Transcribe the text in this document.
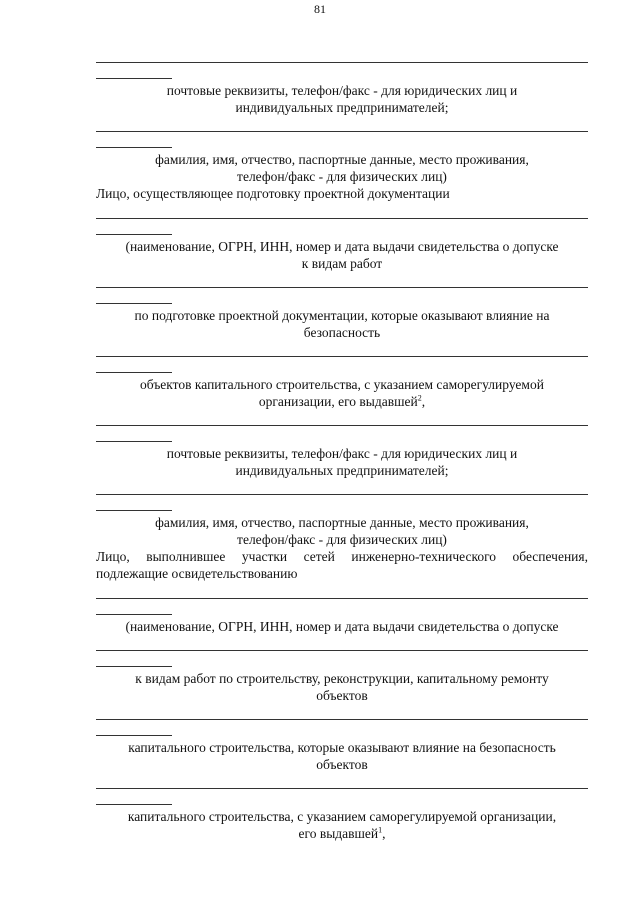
81
почтовые реквизиты, телефон/факс - для юридических лиц и
индивидуальных предпринимателей;
фамилия, имя, отчество, паспортные данные, место проживания,
телефон/факс - для физических лиц)
Лицо, осуществляющее подготовку проектной документации
(наименование, ОГРН, ИНН, номер и дата выдачи свидетельства о допуске
к видам работ
по подготовке проектной документации, которые оказывают влияние на
безопасность
объектов капитального строительства, с указанием саморегулируемой
организации, его выдавшей$^2$,
почтовые реквизиты, телефон/факс - для юридических лиц и
индивидуальных предпринимателей;
фамилия, имя, отчество, паспортные данные, место проживания,
телефон/факс - для физических лиц)
Лицо, выполнившее участки сетей инженерно-технического обеспечения,
подлежащие освидетельствованию
(наименование, ОГРН, ИНН, номер и дата выдачи свидетельства о допуске
к видам работ по строительству, реконструкции, капитальному ремонту
объектов
капитального строительства, которые оказывают влияние на безопасность
объектов
капитального строительства, с указанием саморегулируемой организации,
его выдавшей$^1$,
